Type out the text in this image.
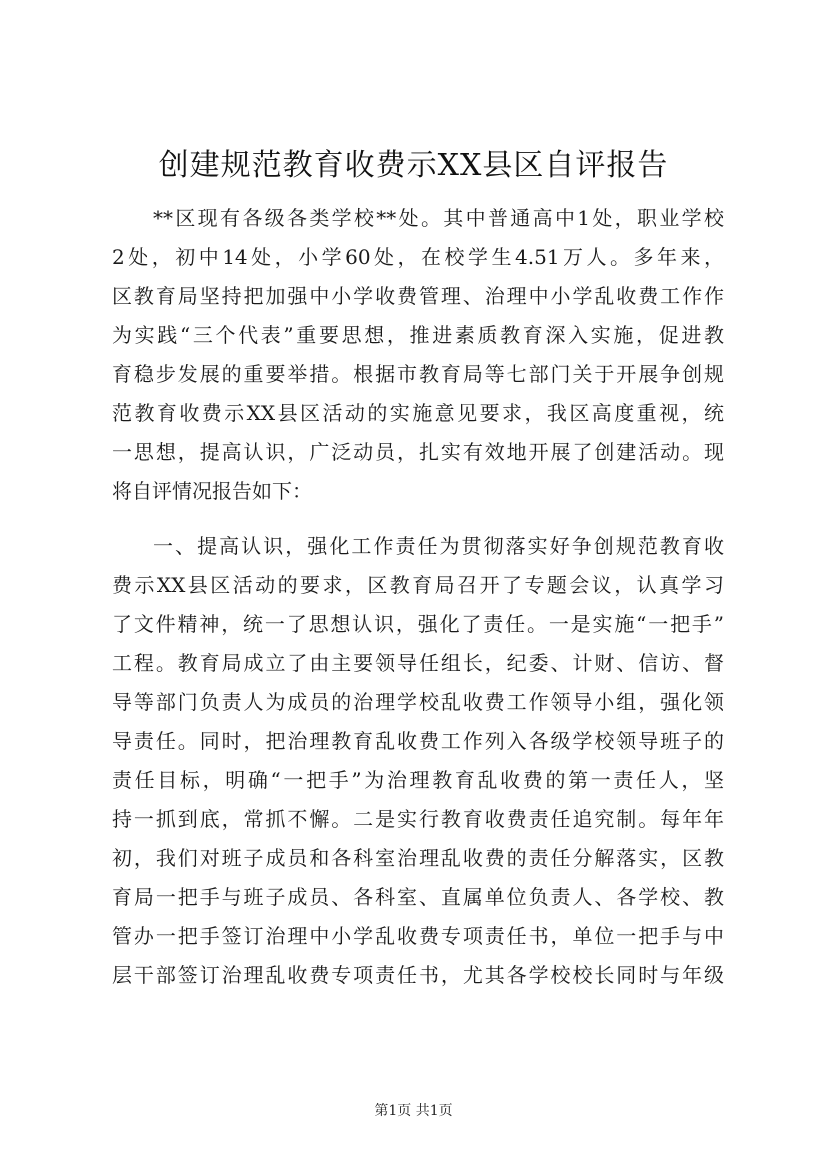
创建规范教育收费示XX县区自评报告
**区现有各级各类学校**处。其中普通高中1处，职业学校
2处，初中14处，小学60处，在校学生4.51万人。多年来，
区教育局坚持把加强中小学收费管理、治理中小学乱收费工作作
为实践“三个代表”重要思想，推进素质教育深入实施，促进教
育稳步发展的重要举措。根据市教育局等七部门关于开展争创规
范教育收费示XX县区活动的实施意见要求，我区高度重视，统
一思想，提高认识，广泛动员，扎实有效地开展了创建活动。现
将自评情况报告如下：
一、提高认识，强化工作责任为贯彻落实好争创规范教育收
费示XX县区活动的要求，区教育局召开了专题会议，认真学习
了文件精神，统一了思想认识，强化了责任。一是实施“一把手”
工程。教育局成立了由主要领导任组长，纪委、计财、信访、督
导等部门负责人为成员的治理学校乱收费工作领导小组，强化领
导责任。同时，把治理教育乱收费工作列入各级学校领导班子的
责任目标，明确“一把手”为治理教育乱收费的第一责任人，坚
持一抓到底，常抓不懈。二是实行教育收费责任追究制。每年年
初，我们对班子成员和各科室治理乱收费的责任分解落实，区教
育局一把手与班子成员、各科室、直属单位负责人、各学校、教
管办一把手签订治理中小学乱收费专项责任书，单位一把手与中
层干部签订治理乱收费专项责任书，尤其各学校校长同时与年级
第1页 共1页
